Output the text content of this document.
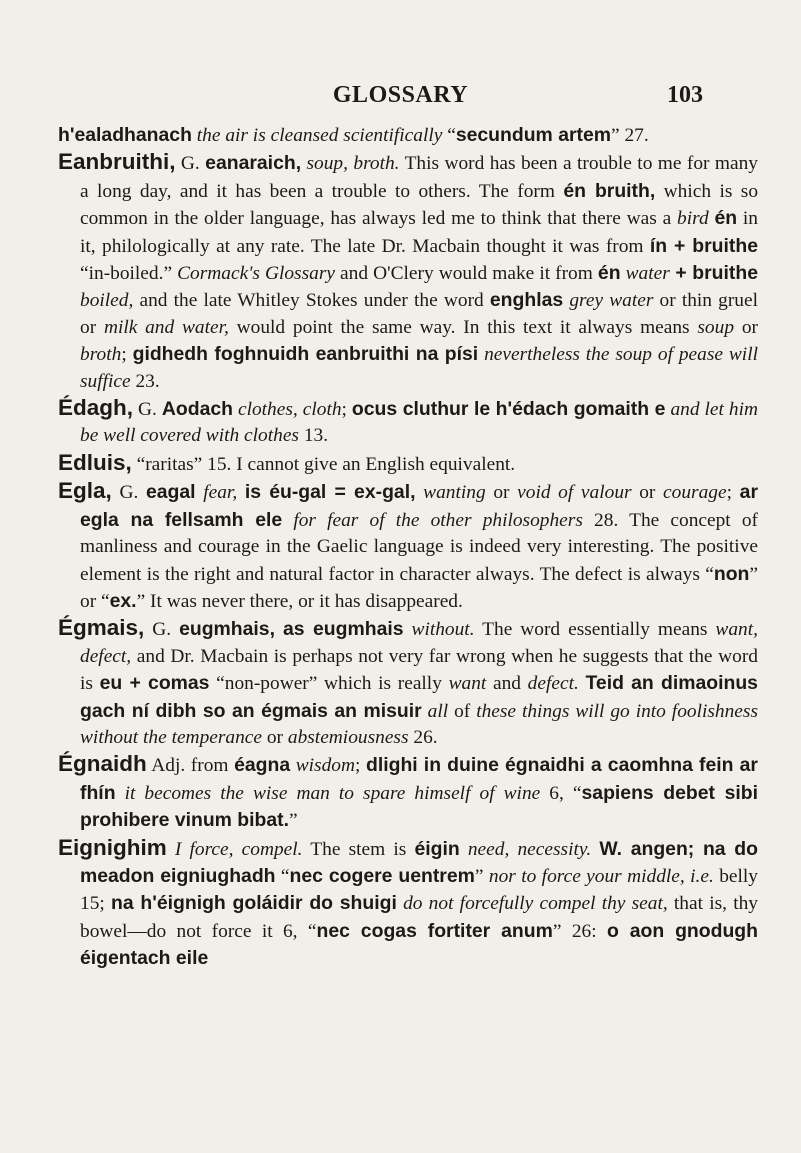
GLOSSARY	103

h'ealadhanach the air is cleansed scientifically “secundum artem” 27.

Eanbruithi, G. eanaraich, soup, broth. This word has been a trouble to me for many a long day, and it has been a trouble to others. The form én bruith, which is so common in the older language, has always led me to think that there was a bird én in it, philologically at any rate. The late Dr. Macbain thought it was from ín + bruithe “in-boiled.” Cormack's Glossary and O'Clery would make it from én water + bruithe boiled, and the late Whitley Stokes under the word enghlas grey water or thin gruel or milk and water, would point the same way. In this text it always means soup or broth; gidhedh foghnuidh eanbruithi na písi nevertheless the soup of pease will suffice 23.

Édagh, G. Aodach clothes, cloth; ocus cluthur le h'édach gomaith e and let him be well covered with clothes 13.

Edluis, “raritas” 15. I cannot give an English equivalent.

Egla, G. eagal fear, is éu-gal = ex-gal, wanting or void of valour or courage; ar egla na fellsamh ele for fear of the other philosophers 28. The concept of manliness and courage in the Gaelic language is indeed very interesting. The positive element is the right and natural factor in character always. The defect is always “non” or “ex.” It was never there, or it has disappeared.

Égmais, G. eugmhais, as eugmhais without. The word essentially means want, defect, and Dr. Macbain is perhaps not very far wrong when he suggests that the word is eu + comas “non-power” which is really want and defect. Teid an dimaoinus gach ní dibh so an égmais an misuir all of these things will go into foolishness without the temperance or abstemiousness 26.

Égnaidh Adj. from éagna wisdom; dlighi in duine égnaidhi a caomhna fein ar fhín it becomes the wise man to spare himself of wine 6, “sapiens debet sibi prohibere vinum bibat.”

Eignighim I force, compel. The stem is éigin need, necessity. W. angen; na do meadon eigniughadh “nec cogere uentrem” nor to force your middle, i.e. belly 15; na h'éignigh goláidir do shuigi do not forcefully compel thy seat, that is, thy bowel—do not force it 6, “nec cogas fortiter anum” 26: o aon gnodugh éigentach eile
